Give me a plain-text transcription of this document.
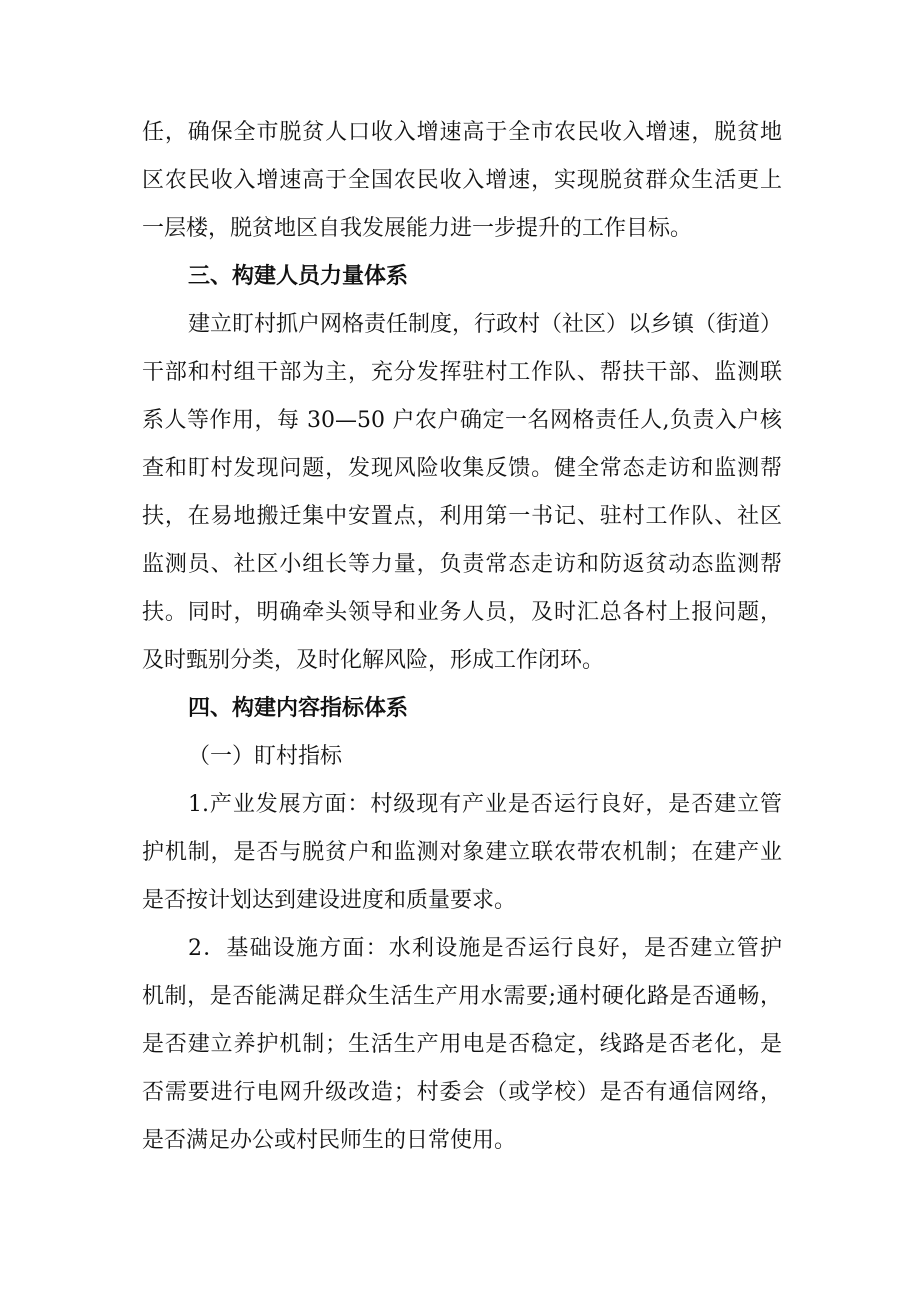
任，确保全市脱贫人口收入增速高于全市农民收入增速，脱贫地
区农民收入增速高于全国农民收入增速，实现脱贫群众生活更上
一层楼，脱贫地区自我发展能力进一步提升的工作目标。
三、构建人员力量体系
建立盯村抓户网格责任制度，行政村（社区）以乡镇（街道）
干部和村组干部为主，充分发挥驻村工作队、帮扶干部、监测联
系人等作用，每 30—50 户农户确定一名网格责任人,负责入户核
查和盯村发现问题，发现风险收集反馈。健全常态走访和监测帮
扶，在易地搬迁集中安置点，利用第一书记、驻村工作队、社区
监测员、社区小组长等力量，负责常态走访和防返贫动态监测帮
扶。同时，明确牵头领导和业务人员，及时汇总各村上报问题，
及时甄别分类，及时化解风险，形成工作闭环。
四、构建内容指标体系
（一）盯村指标
1.产业发展方面：村级现有产业是否运行良好，是否建立管
护机制，是否与脱贫户和监测对象建立联农带农机制；在建产业
是否按计划达到建设进度和质量要求。
2．基础设施方面：水利设施是否运行良好，是否建立管护
机制，是否能满足群众生活生产用水需要;通村硬化路是否通畅，
是否建立养护机制；生活生产用电是否稳定，线路是否老化，是
否需要进行电网升级改造；村委会（或学校）是否有通信网络，
是否满足办公或村民师生的日常使用。
